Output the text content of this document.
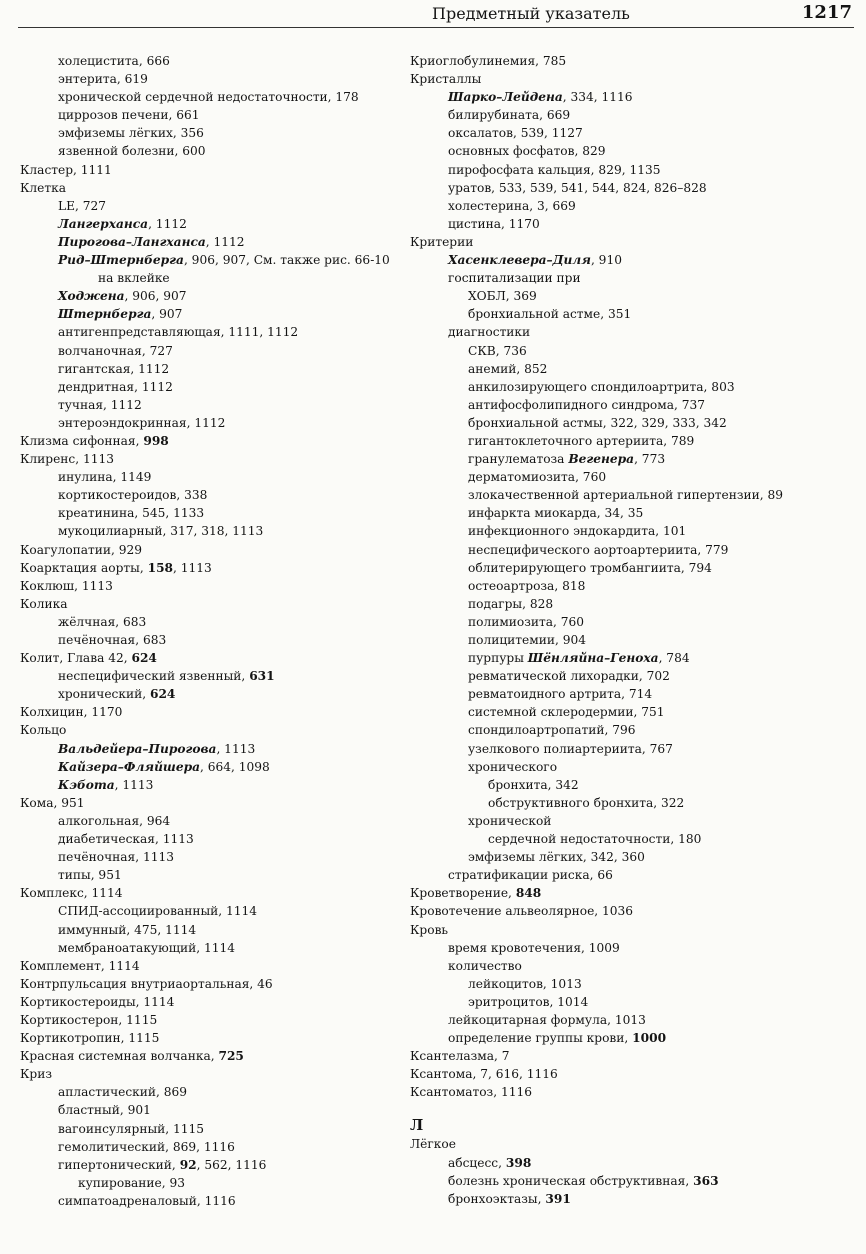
Предметный указатель	1217
холецистита, 666
энтерита, 619
хронической сердечной недостаточности, 178
циррозов печени, 661
эмфиземы лёгких, 356
язвенной болезни, 600
Кластер, 1111
Клетка
LE, 727
Лангерханса, 1112
Пирогова–Лангханса, 1112
Рид–Штернберга, 906, 907, См. также рис. 66-10
на вклейке
Ходжена, 906, 907
Штернберга, 907
антигенпредставляющая, 1111, 1112
волчаночная, 727
гигантская, 1112
дендритная, 1112
тучная, 1112
энтероэндокринная, 1112
Клизма сифонная, 998
Клиренс, 1113
инулина, 1149
кортикостероидов, 338
креатинина, 545, 1133
мукоцилиарный, 317, 318, 1113
Коагулопатии, 929
Коарктация аорты, 158, 1113
Коклюш, 1113
Колика
жёлчная, 683
печёночная, 683
Колит, Глава 42, 624
неспецифический язвенный, 631
хронический, 624
Колхицин, 1170
Кольцо
Вальдейера–Пирогова, 1113
Кайзера–Фляйшера, 664, 1098
Кэбота, 1113
Кома, 951
алкогольная, 964
диабетическая, 1113
печёночная, 1113
типы, 951
Комплекс, 1114
СПИД-ассоциированный, 1114
иммунный, 475, 1114
мембраноатакующий, 1114
Комплемент, 1114
Контрпульсация внутриаортальная, 46
Кортикостероиды, 1114
Кортикостерон, 1115
Кортикотропин, 1115
Красная системная волчанка, 725
Криз
апластический, 869
бластный, 901
вагоинсулярный, 1115
гемолитический, 869, 1116
гипертонический, 92, 562, 1116
купирование, 93
симпатоадреналовый, 1116
Криоглобулинемия, 785
Кристаллы
Шарко–Лейдена, 334, 1116
билирубината, 669
оксалатов, 539, 1127
основных фосфатов, 829
пирофосфата кальция, 829, 1135
уратов, 533, 539, 541, 544, 824, 826–828
холестерина, 3, 669
цистина, 1170
Критерии
Хасенклевера–Диля, 910
госпитализации при
ХОБЛ, 369
бронхиальной астме, 351
диагностики
СКВ, 736
анемий, 852
анкилозирующего спондилоартрита, 803
антифосфолипидного синдрома, 737
бронхиальной астмы, 322, 329, 333, 342
гигантоклеточного артериита, 789
гранулематоза Вегенера, 773
дерматомиозита, 760
злокачественной артериальной гипертензии, 89
инфаркта миокарда, 34, 35
инфекционного эндокардита, 101
неспецифического аортоартериита, 779
облитерирующего тромбангиита, 794
остеоартроза, 818
подагры, 828
полимиозита, 760
полицитемии, 904
пурпуры Шёнляйна–Геноха, 784
ревматической лихорадки, 702
ревматоидного артрита, 714
системной склеродермии, 751
спондилоартропатий, 796
узелкового полиартериита, 767
хронического
бронхита, 342
обструктивного бронхита, 322
хронической
сердечной недостаточности, 180
эмфиземы лёгких, 342, 360
стратификации риска, 66
Кроветворение, 848
Кровотечение альвеолярное, 1036
Кровь
время кровотечения, 1009
количество
лейкоцитов, 1013
эритроцитов, 1014
лейкоцитарная формула, 1013
определение группы крови, 1000
Ксантелазма, 7
Ксантома, 7, 616, 1116
Ксантоматоз, 1116
Л
Лёгкое
абсцесс, 398
болезнь хроническая обструктивная, 363
бронхоэктазы, 391
